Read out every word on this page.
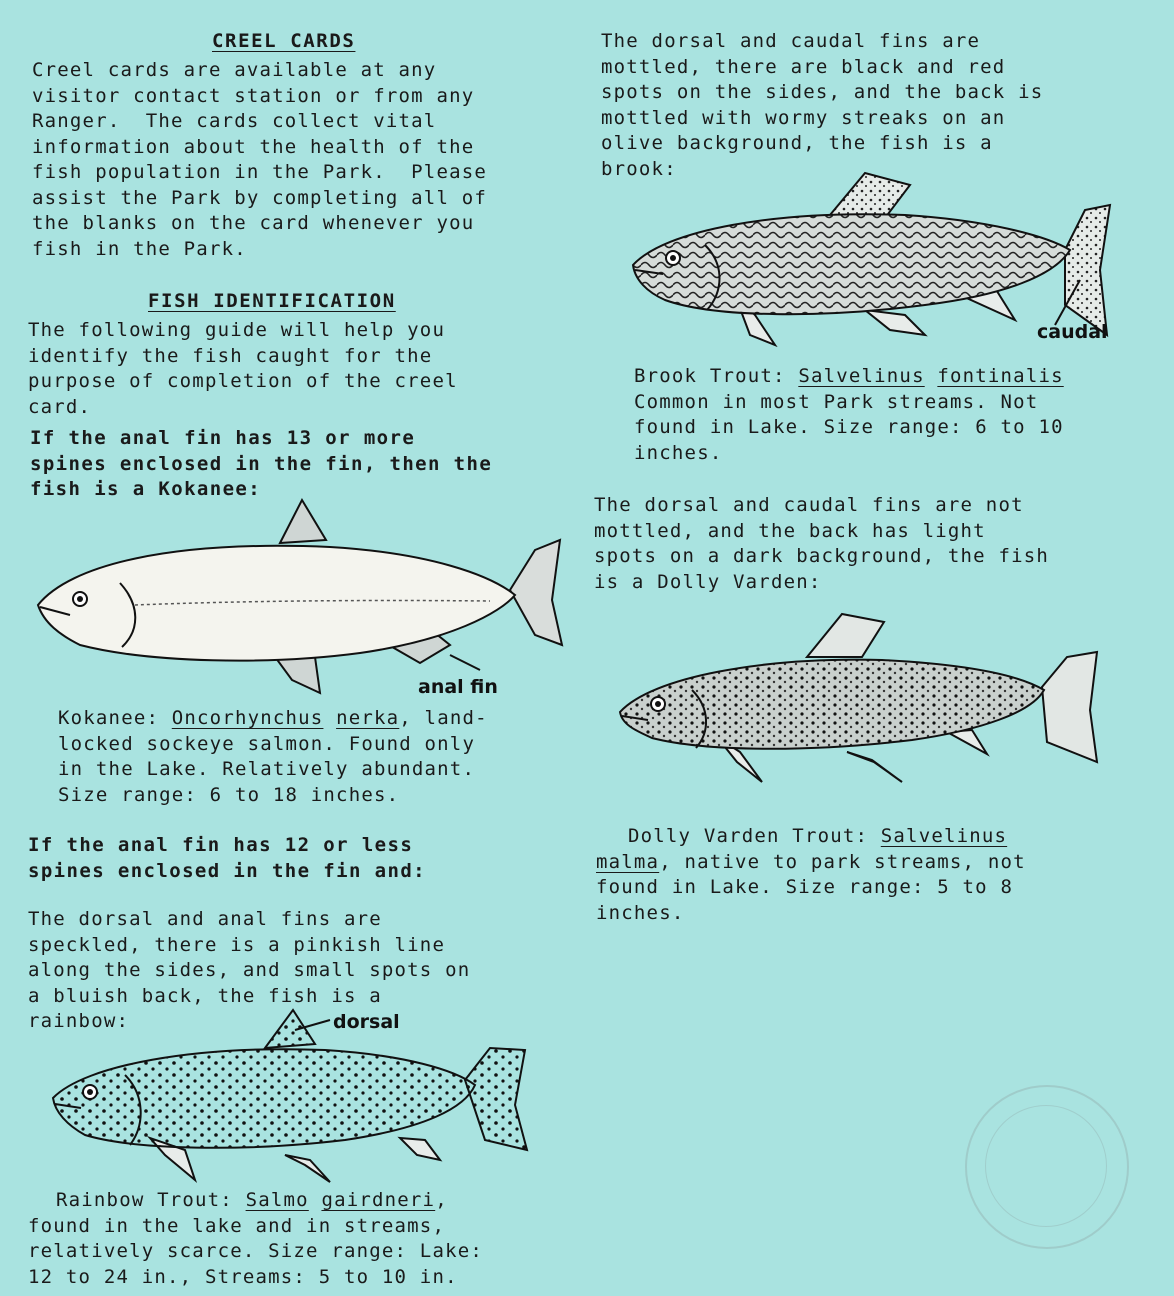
CREEL CARDS

Creel cards are available at any
visitor contact station or from any
Ranger.  The cards collect vital
information about the health of the
fish population in the Park.  Please
assist the Park by completing all of
the blanks on the card whenever you
fish in the Park.

FISH IDENTIFICATION

The following guide will help you
identify the fish caught for the
purpose of completion of the creel
card.

If the anal fin has 13 or more
spines enclosed in the fin, then the
fish is a Kokanee:

anal fin

Kokanee: Oncorhynchus nerka, land-
locked sockeye salmon. Found only
in the Lake. Relatively abundant.
Size range: 6 to 18 inches.

If the anal fin has 12 or less
spines enclosed in the fin and:

The dorsal and anal fins are
speckled, there is a pinkish line
along the sides, and small spots on
a bluish back, the fish is a
rainbow:	dorsal

Rainbow Trout: Salmo gairdneri,
found in the lake and in streams,
relatively scarce. Size range: Lake:
12 to 24 in., Streams: 5 to 10 in.

The dorsal and caudal fins are
mottled, there are black and red
spots on the sides, and the back is
mottled with wormy streaks on an
olive background, the fish is a
brook:

caudal

Brook Trout: Salvelinus fontinalis
Common in most Park streams. Not
found in Lake. Size range: 6 to 10
inches.

The dorsal and caudal fins are not
mottled, and the back has light
spots on a dark background, the fish
is a Dolly Varden:

Dolly Varden Trout: Salvelinus
malma, native to park streams, not
found in Lake. Size range: 5 to 8
inches.
